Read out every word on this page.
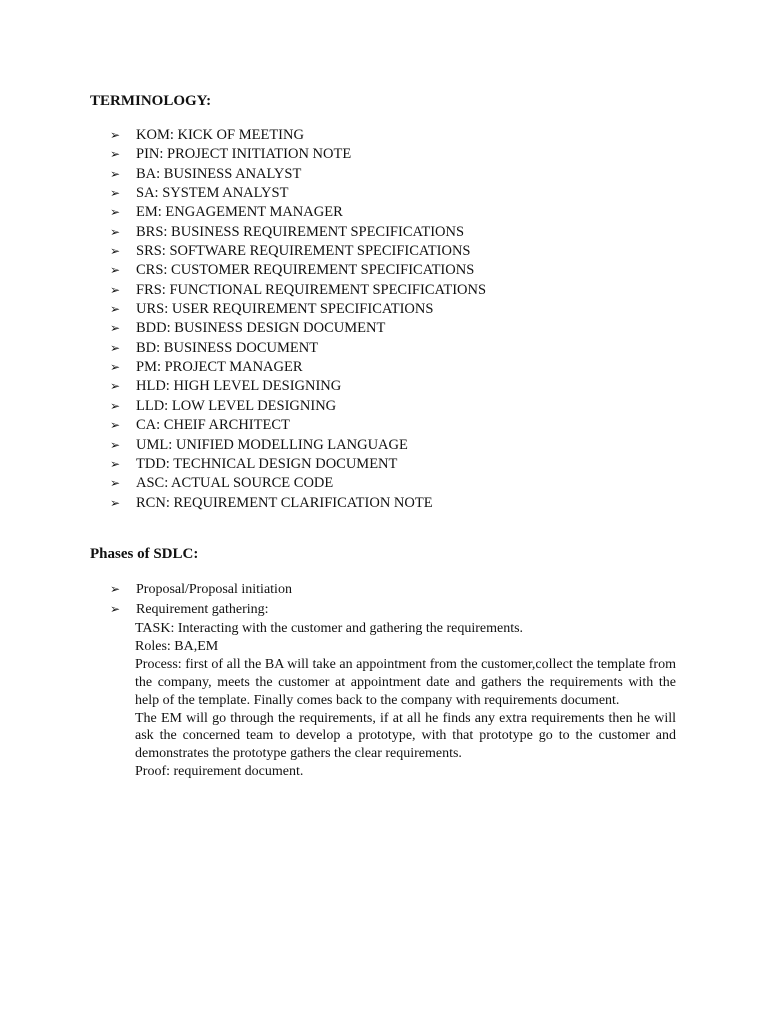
TERMINOLOGY:
➢ KOM: KICK OF MEETING
➢ PIN: PROJECT INITIATION NOTE
➢ BA: BUSINESS ANALYST
➢ SA: SYSTEM ANALYST
➢ EM: ENGAGEMENT MANAGER
➢ BRS: BUSINESS REQUIREMENT SPECIFICATIONS
➢ SRS: SOFTWARE REQUIREMENT SPECIFICATIONS
➢ CRS: CUSTOMER REQUIREMENT SPECIFICATIONS
➢ FRS: FUNCTIONAL REQUIREMENT SPECIFICATIONS
➢ URS: USER REQUIREMENT SPECIFICATIONS
➢ BDD: BUSINESS DESIGN DOCUMENT
➢ BD: BUSINESS DOCUMENT
➢ PM: PROJECT MANAGER
➢ HLD: HIGH LEVEL DESIGNING
➢ LLD: LOW LEVEL DESIGNING
➢ CA: CHEIF ARCHITECT
➢ UML: UNIFIED MODELLING LANGUAGE
➢ TDD: TECHNICAL DESIGN DOCUMENT
➢ ASC: ACTUAL SOURCE CODE
➢ RCN: REQUIREMENT CLARIFICATION NOTE
Phases of SDLC:
➢ Proposal/Proposal initiation
➢ Requirement gathering:

TASK: Interacting with the customer and gathering the requirements.

Roles: BA,EM

Process: first of all the BA will take an appointment from the customer,collect the template from the company, meets the customer at appointment date and gathers the requirements with the help of the template. Finally comes back to the company with requirements document.

The EM will go through the requirements, if at all he finds any extra requirements then he will ask the concerned team to develop a prototype, with that prototype go to the customer and demonstrates the prototype gathers the clear requirements.

Proof: requirement document.
